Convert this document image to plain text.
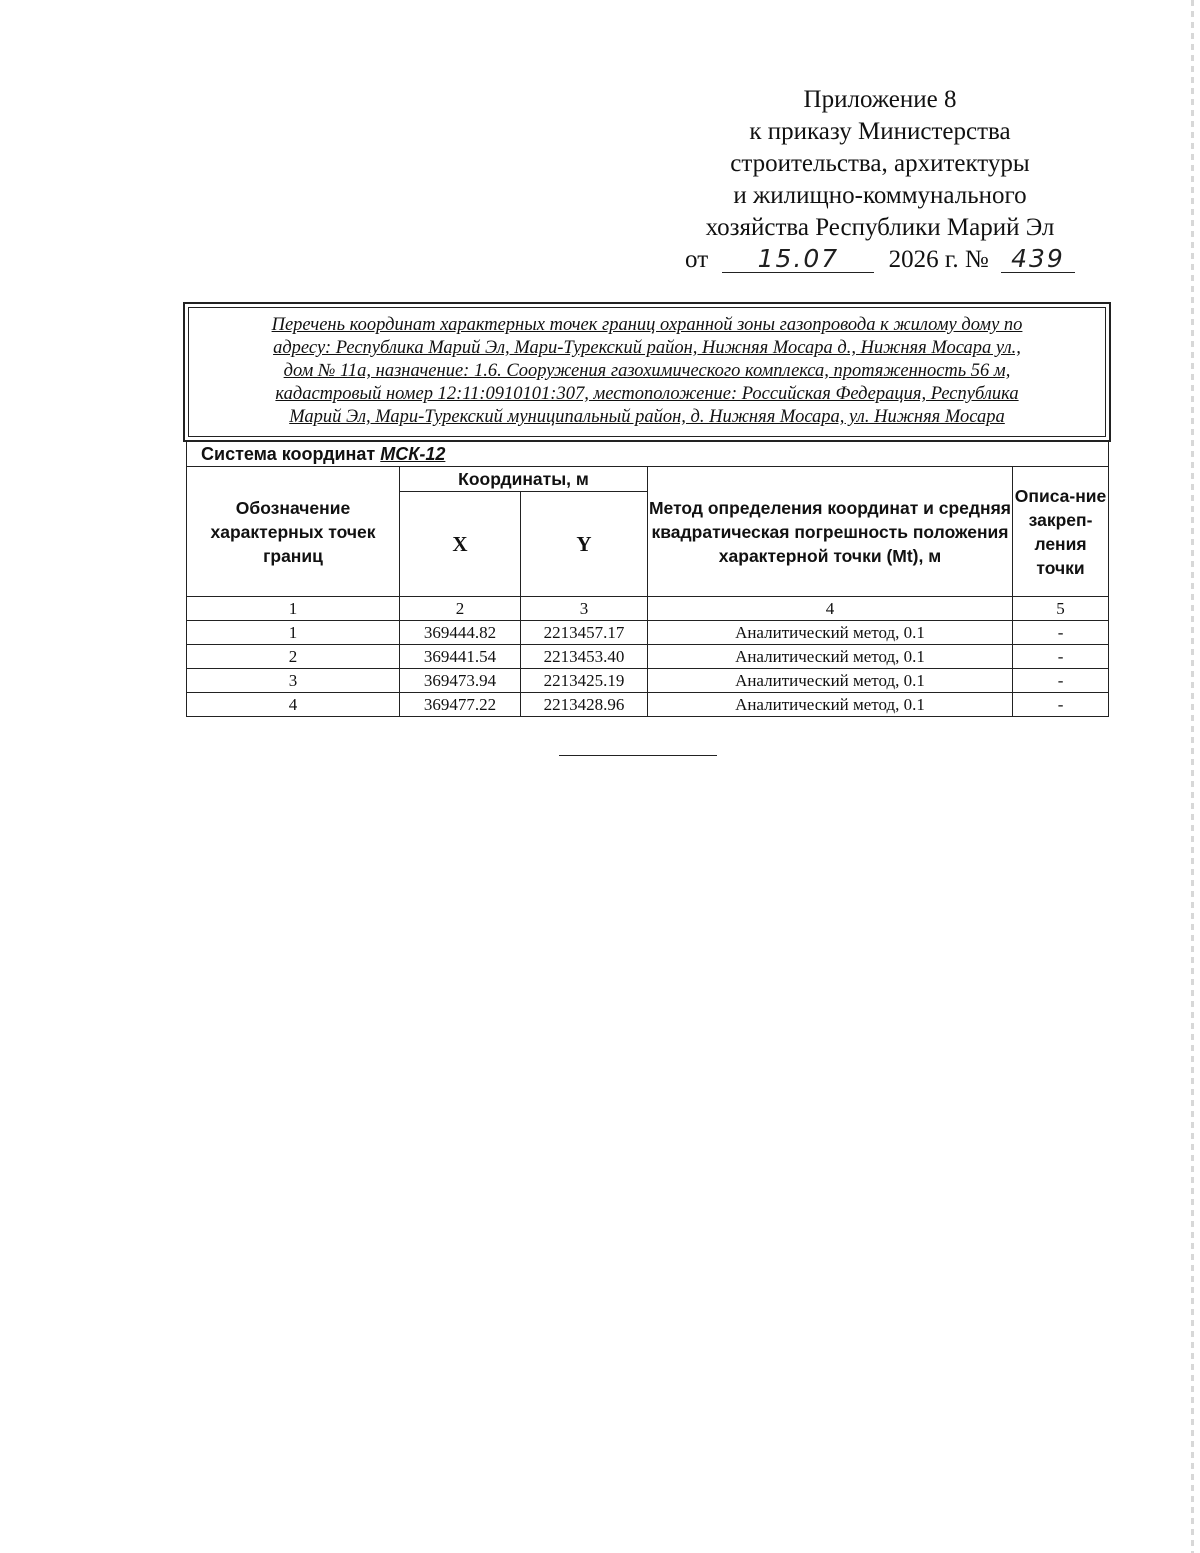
Приложение 8
к приказу Министерства
строительства, архитектуры
и жилищно-коммунального
хозяйства Республики Марий Эл
от 15.07 2026 г. № 439
Перечень координат характерных точек границ охранной зоны газопровода к жилому дому по
адресу: Республика Марий Эл, Мари-Турекский район, Нижняя Мосара д., Нижняя Мосара ул.,
дом № 11а, назначение: 1.6. Сооружения газохимического комплекса, протяженность 56 м,
кадастровый номер 12:11:0910101:307, местоположение: Российская Федерация, Республика
Марий Эл, Мари-Турекский муниципальный район, д. Нижняя Мосара, ул. Нижняя Мосара
Система координат МСК-12				
Обозначение характерных точек границ	Координаты, м		Метод определения координат и средняя квадратическая погрешность положения характерной точки (Mt), м	Описа-ние закреп-ления точки
	X	Y		
1	2	3	4	5
1	369444.82	2213457.17	Аналитический метод, 0.1	-
2	369441.54	2213453.40	Аналитический метод, 0.1	-
3	369473.94	2213425.19	Аналитический метод, 0.1	-
4	369477.22	2213428.96	Аналитический метод, 0.1	-
